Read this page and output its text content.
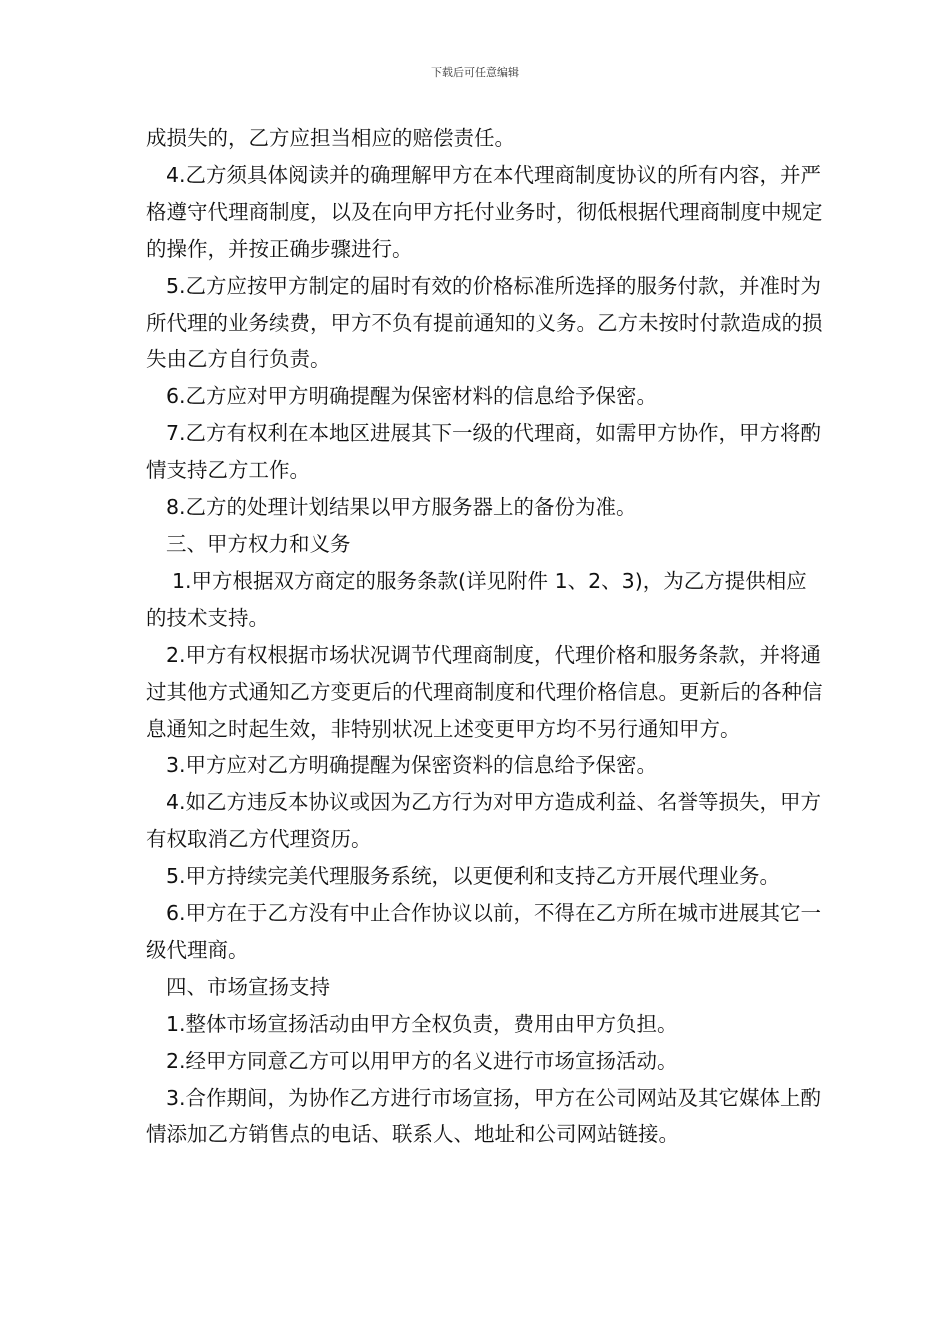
下载后可任意编辑

成损失的，乙方应担当相应的赔偿责任。

4.乙方须具体阅读并的确理解甲方在本代理商制度协议的所有内容，并严格遵守代理商制度，以及在向甲方托付业务时，彻低根据代理商制度中规定的操作，并按正确步骤进行。

5.乙方应按甲方制定的届时有效的价格标准所选择的服务付款，并准时为所代理的业务续费，甲方不负有提前通知的义务。乙方未按时付款造成的损失由乙方自行负责。

6.乙方应对甲方明确提醒为保密材料的信息给予保密。

7.乙方有权利在本地区进展其下一级的代理商，如需甲方协作，甲方将酌情支持乙方工作。

8.乙方的处理计划结果以甲方服务器上的备份为准。

三、甲方权力和义务

1.甲方根据双方商定的服务条款(详见附件 1、2、3)，为乙方提供相应的技术支持。

2.甲方有权根据市场状况调节代理商制度，代理价格和服务条款，并将通过其他方式通知乙方变更后的代理商制度和代理价格信息。更新后的各种信息通知之时起生效，非特别状况上述变更甲方均不另行通知甲方。

3.甲方应对乙方明确提醒为保密资料的信息给予保密。

4.如乙方违反本协议或因为乙方行为对甲方造成利益、名誉等损失，甲方有权取消乙方代理资历。

5.甲方持续完美代理服务系统，以更便利和支持乙方开展代理业务。

6.甲方在于乙方没有中止合作协议以前，不得在乙方所在城市进展其它一级代理商。

四、市场宣扬支持

1.整体市场宣扬活动由甲方全权负责，费用由甲方负担。

2.经甲方同意乙方可以用甲方的名义进行市场宣扬活动。

3.合作期间，为协作乙方进行市场宣扬，甲方在公司网站及其它媒体上酌情添加乙方销售点的电话、联系人、地址和公司网站链接。
